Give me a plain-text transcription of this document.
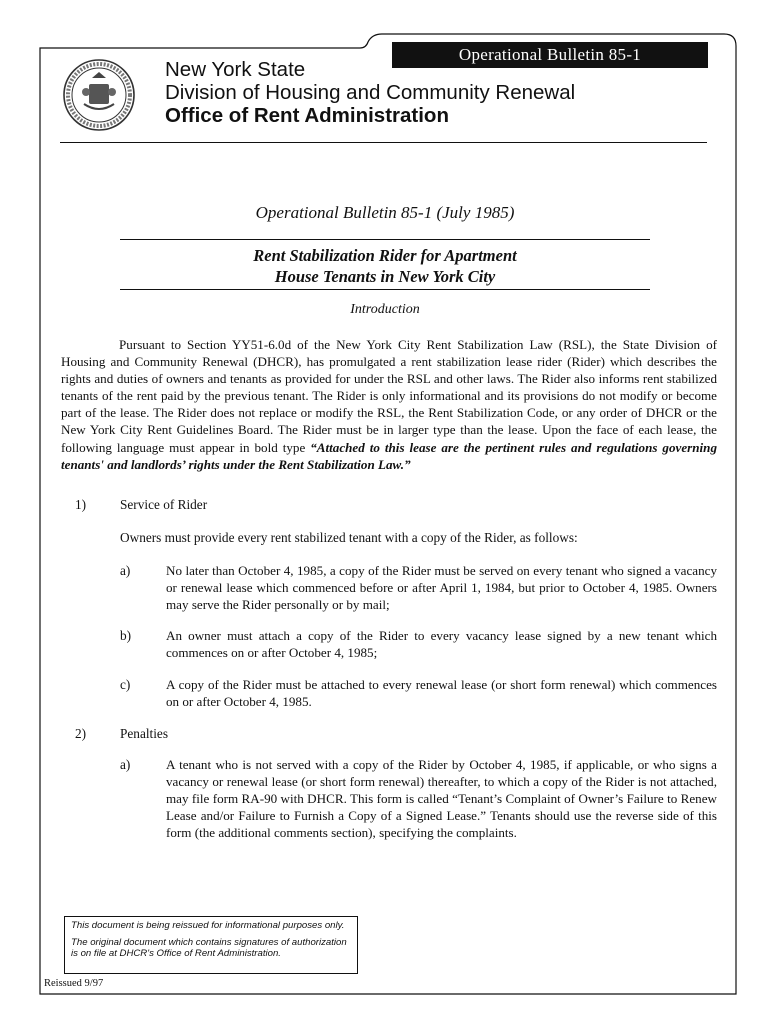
Operational Bulletin 85-1
New York State
Division of Housing and Community Renewal
Office of Rent Administration
Operational Bulletin 85-1 (July 1985)
Rent Stabilization Rider for Apartment
House Tenants in New York City
Introduction
Pursuant to Section YY51-6.0d of the New York City Rent Stabilization Law (RSL), the State Division of Housing and Community Renewal (DHCR), has promulgated a rent stabilization lease rider (Rider) which describes the rights and duties of owners and tenants as provided for under the RSL and other laws. The Rider also informs rent stabilized tenants of the rent paid by the previous tenant. The Rider is only informational and its provisions do not modify or become part of the lease. The Rider does not replace or modify the RSL, the Rent Stabilization Code, or any order of DHCR or the New York City Rent Guidelines Board. The Rider must be in larger type than the lease. Upon the face of each lease, the following language must appear in bold type “Attached to this lease are the pertinent rules and regulations governing tenants' and landlords’ rights under the Rent Stabilization Law.”
1)	Service of Rider
Owners must provide every rent stabilized tenant with a copy of the Rider, as follows:
a)	No later than October 4, 1985, a copy of the Rider must be served on every tenant who signed a vacancy or renewal lease which commenced before or after April 1, 1984, but prior to October 4, 1985. Owners may serve the Rider personally or by mail;
b)	An owner must attach a copy of the Rider to every vacancy lease signed by a new tenant which commences on or after October 4, 1985;
c)	A copy of the Rider must be attached to every renewal lease (or short form renewal) which commences on or after October 4, 1985.
2)	Penalties
a)	A tenant who is not served with a copy of the Rider by October 4, 1985, if applicable, or who signs a vacancy or renewal lease (or short form renewal) thereafter, to which a copy of the Rider is not attached, may file form RA-90 with DHCR. This form is called “Tenant’s Complaint of Owner’s Failure to Renew Lease and/or Failure to Furnish a Copy of a Signed Lease.” Tenants should use the reverse side of this form (the additional comments section), specifying the complaints.

This document is being reissued for informational purposes only.

The original document which contains signatures of authorization is on file at DHCR's Office of Rent Administration.

Reissued 9/97
